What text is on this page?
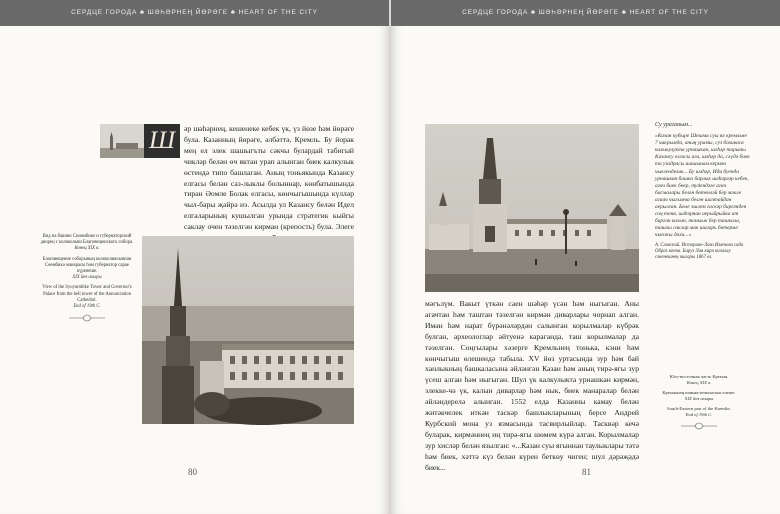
СЕРДЦЕ ГОРОДА ♣ ШӘҺӘРНЕҢ ЙӨРӘГЕ ♣ HEART OF THE CITY	СЕРДЦЕ ГОРОДА ♣ ШӘҺӘРНЕҢ ЙӨРӘГЕ ♣ HEART OF THE CITY
Ш	әр шәһәрнең, кешенеке кебек үк, үз йөзе һәм йөрәге була. Казанның йөрәге, әлбәттә, Кремль. Бу йорак мең ел элек шашыгъты сәкчы булардай табигый чикләр белән өч яктан урап алынган биек калкулык өстендә типо башлаган. Аның тоньякында Казансу елгасы белән саз-лыклы болыннар, көнбатышында тирән Әомле Болак елгасы, көнчыгышында күлләр чыл-бары җәйрә иэ. Асылда ул Казансу белән Идел елгаларының кушылган урында стратегик кыйгы саклау очен тәзелгән кирман (крепость) була. Элеге

Вид на башню Сююмбике и губернаторский дворец с колокольни Благовещенского собора.
Конец XIX в.

Благовещение соборының колоколнясыннан Сөембикә манарасы һәм губернатор сарае күренеше.
XIX йөз ахыры

View of the Syuyumbike Tower and Governor's Palace from the bell tower of the Annunciation Cathedral.
End of 19th C.

80
Су ураганым...
«Казан кубыре Шешма суы ях кремльне 7 чакрымда, аның урамы, суз бохикаса калыкулукта урнашкан, шәһәр тирыны Казансу елгасы ага, шәһәр да, сәүдә биек та узадрасы шашынам кермән чыкгенделик... Бу шәһәр, Иди буенда урнашкан башка барлык шәһәрләр кебек, агач биек бөер, ту4ендәге агач басмалары белән бөтенләй бер мәкле агаач чыгымча белән шалтайдан аерылган. Бөле эшлем гаскәр биргәнден соң тоня, шәһәрнан аерыйрыйка ат барган калын, тоныык бер ташкала, ташлы саклар мак шигарь бөтермә чынжы дахи...»
А. Славский. Историко-Лазо Именова сада Образ конча. Баруз Лая кирн кизалау сәкенешнең чыгары 1867 ел.
мәгълүм. Вакыт үткән саен шәһәр үсән һәм ныгыган. Аны агачтан һәм таштан тәзелгән кирмән диварлары чорнап алган. Имән һәм нарат бүрәнәләрдән салынган корылмалар күбрәк булган, археологлар әйтуенә караганда, таш корылмалар да тәзелгән. Соңгылары хәзерге Кремльнең тонька, кэни һәм көнчыгыш өлешендә табыла. XV йөз уртасында зур һәм бай ханлыкның башкаласына әйләнгән Казан һәм аның тирә-ягы зур үсеш алган һәм ныгыган. Шул үк калкулыкта урнашкан кирмән, элекке-чә үк, калын диварлар һәм нык, биек манаралар белән әйләндерелә алынган. 1552 елда Казанны камау белән житәкчелек иткән таскәр башлыкларының берсе Андрей Курбский мона уз язмасында тасвирлыйлар. Тасквәр кечә буларак, кирмәннең иң тирә-ягы шөмем күрә алган. Корылмалар зур хисләр белән язылган: «...Казан суы ягыннан таулыклары тәтә һәм биек, хәттә күз белән күрен беткөу чиген; шул дәрәҗәдә биек...

Юго-восточная часть Кремля.
Конец XIX в.

Кремльнең көньяк-көнчыгыш өлеше.
XIX йөз ахыры

South-Eastern part of the Kremlin.
End of 19th C.

81
